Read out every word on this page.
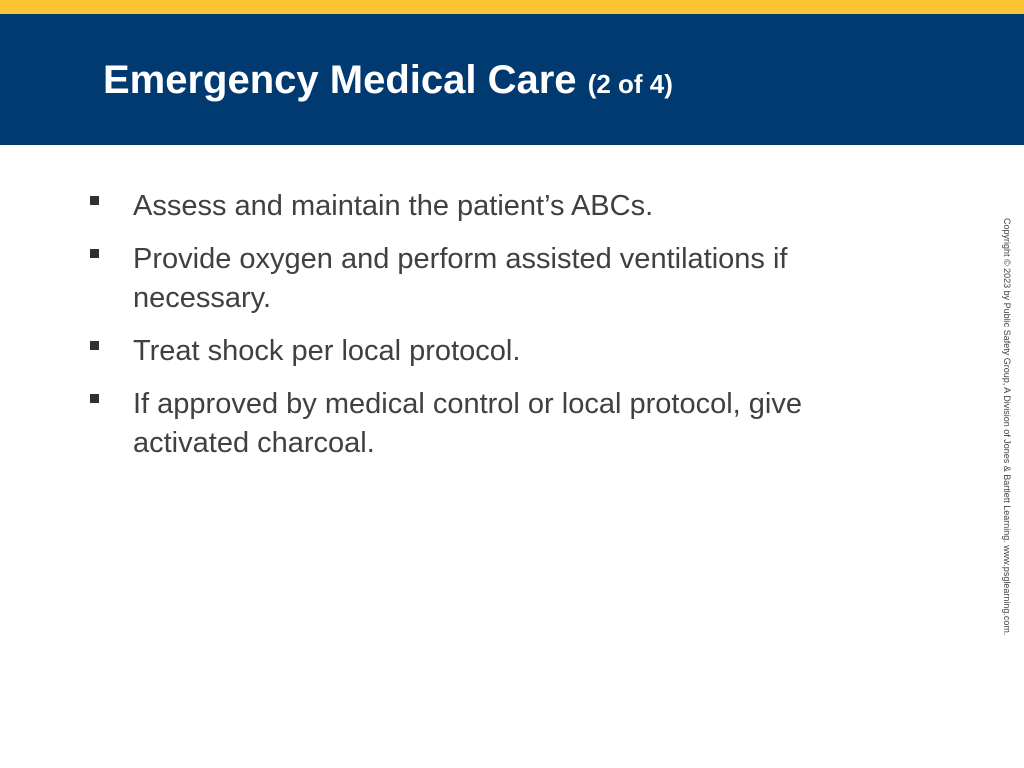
Emergency Medical Care (2 of 4)
Assess and maintain the patient’s ABCs.
Provide oxygen and perform assisted ventilations if necessary.
Treat shock per local protocol.
If approved by medical control or local protocol, give activated charcoal.	Copyright © 2023 by Public Safety Group, A Division of Jones & Bartlett Learning. www.psglearning.com.
